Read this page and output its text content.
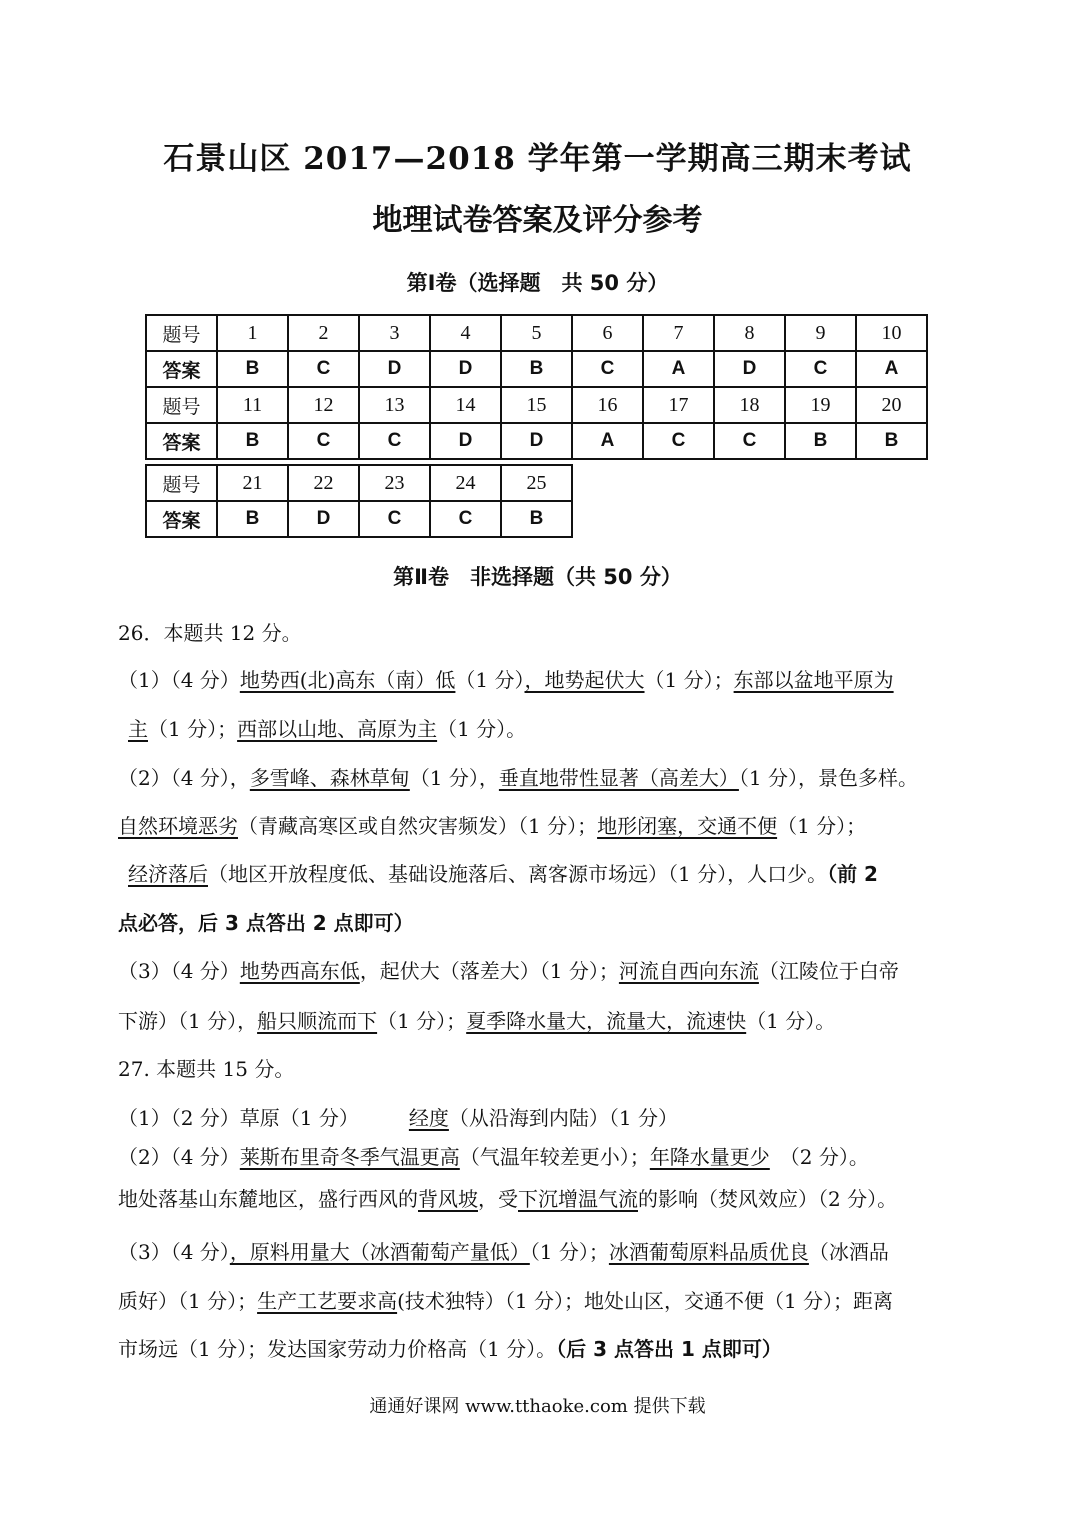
石景山区 2017—2018 学年第一学期高三期末考试
地理试卷答案及评分参考
第Ⅰ卷（选择题　共 50 分）
题号	1	2	3	4	5	6	7	8	9	10
答案	B	C	D	D	B	C	A	D	C	A
题号	11	12	13	14	15	16	17	18	19	20
答案	B	C	C	D	D	A	C	C	B	B
题号	21	22	23	24	25
答案	B	D	C	C	B
第Ⅱ卷　非选择题（共 50 分）
26．本题共 12 分。
（1）（4 分）地势西(北)高东（南）低（1 分），地势起伏大（1 分）；东部以盆地平原为
主（1 分）；西部以山地、高原为主（1 分）。
（2）（4 分），多雪峰、森林草甸（1 分），垂直地带性显著（高差大）（1 分），景色多样。
自然环境恶劣（青藏高寒区或自然灾害频发）（1 分）；地形闭塞，交通不便（1 分）；
经济落后（地区开放程度低、基础设施落后、离客源市场远）（1 分），人口少。（前 2
点必答，后 3 点答出 2 点即可）
（3）（4 分）地势西高东低，起伏大（落差大）（1 分）；河流自西向东流（江陵位于白帝
下游）（1 分），船只顺流而下（1 分）；夏季降水量大，流量大，流速快（1 分）。
27. 本题共 15 分。
（1）（2 分）草原（1 分）　　　经度（从沿海到内陆）（1 分）
（2）（4 分）莱斯布里奇冬季气温更高（气温年较差更小）；年降水量更少　（2 分）。
地处落基山东麓地区，盛行西风的背风坡，受下沉增温气流的影响（焚风效应）（2 分）。
（3）（4 分），原料用量大（冰酒葡萄产量低）（1 分）；冰酒葡萄原料品质优良（冰酒品
质好）（1 分）；生产工艺要求高(技术独特）（1 分）；地处山区，交通不便（1 分）；距离
市场远（1 分）；发达国家劳动力价格高（1 分）。（后 3 点答出 1 点即可）
通通好课网 www.tthaoke.com 提供下载
